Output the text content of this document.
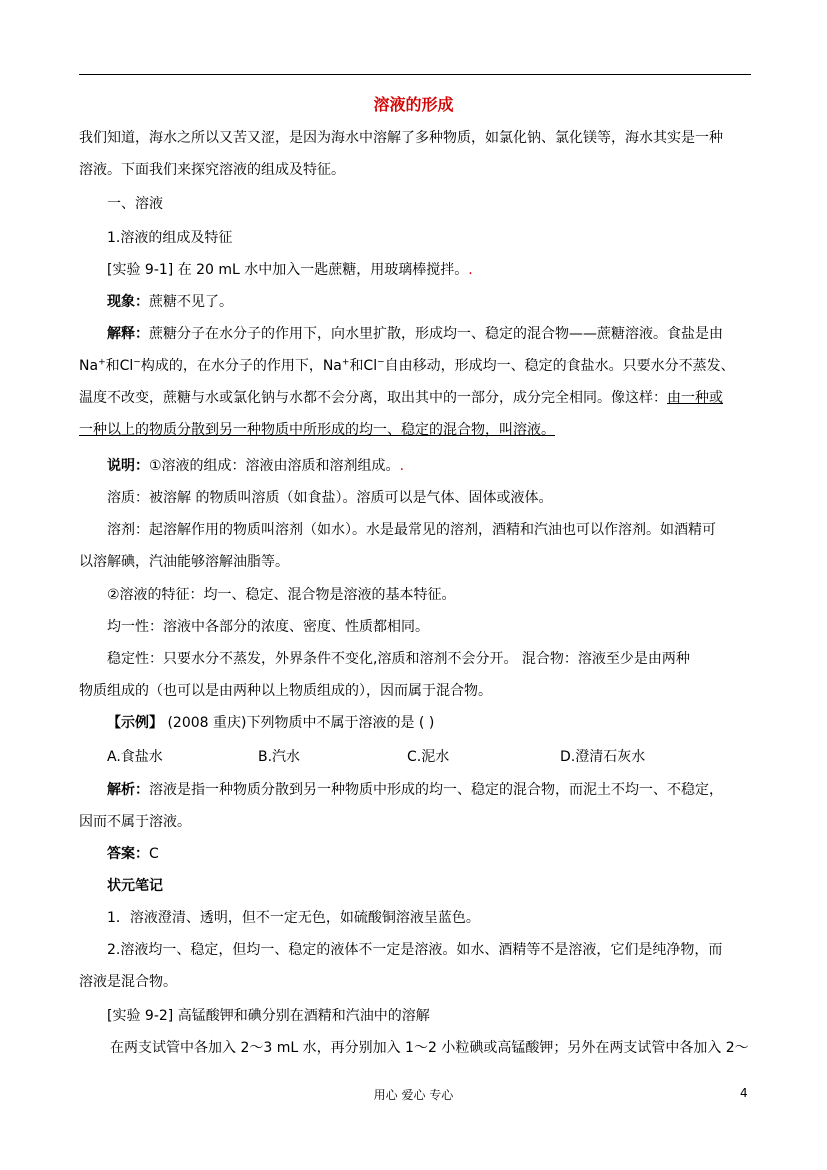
溶液的形成
我们知道，海水之所以又苦又涩，是因为海水中溶解了多种物质，如氯化钠、氯化镁等，海水其实是一种
溶液。下面我们来探究溶液的组成及特征。
一、溶液
1.溶液的组成及特征
[实验 9-1] 在 20 mL 水中加入一匙蔗糖，用玻璃棒搅拌。.
现象：蔗糖不见了。
解释：蔗糖分子在水分子的作用下，向水里扩散，形成均一、稳定的混合物——蔗糖溶液。食盐是由
Na+和Cl−构成的，在水分子的作用下，Na+和Cl−自由移动，形成均一、稳定的食盐水。只要水分不蒸发、
温度不改变，蔗糖与水或氯化钠与水都不会分离，取出其中的一部分，成分完全相同。像这样：由一种或
一种以上的物质分散到另一种物质中所形成的均一、稳定的混合物，叫溶液。
说明：①溶液的组成：溶液由溶质和溶剂组成。.
溶质：被溶解 的物质叫溶质（如食盐）。溶质可以是气体、固体或液体。
溶剂：起溶解作用的物质叫溶剂（如水）。水是最常见的溶剂，酒精和汽油也可以作溶剂。如酒精可
以溶解碘，汽油能够溶解油脂等。
②溶液的特征：均一、稳定、混合物是溶液的基本特征。
均一性：溶液中各部分的浓度、密度、性质都相同。
稳定性：只要水分不蒸发，外界条件不变化,溶质和溶剂不会分开。 混合物：溶液至少是由两种
物质组成的（也可以是由两种以上物质组成的），因而属于混合物。
【示例】 (2008 重庆)下列物质中不属于溶液的是 ( )
A.食盐水	B.汽水	C.泥水	D.澄清石灰水
解析：溶液是指一种物质分散到另一种物质中形成的均一、稳定的混合物，而泥土不均一、不稳定，
因而不属于溶液。
答案：C
状元笔记
1．溶液澄清、透明，但不一定无色，如硫酸铜溶液呈蓝色。
2.溶液均一、稳定，但均一、稳定的液体不一定是溶液。如水、酒精等不是溶液，它们是纯净物，而
溶液是混合物。
[实验 9-2] 高锰酸钾和碘分别在酒精和汽油中的溶解
在两支试管中各加入 2～3 mL 水，再分别加入 1～2 小粒碘或高锰酸钾；另外在两支试管中各加入 2～
用心 爱心 专心	4
